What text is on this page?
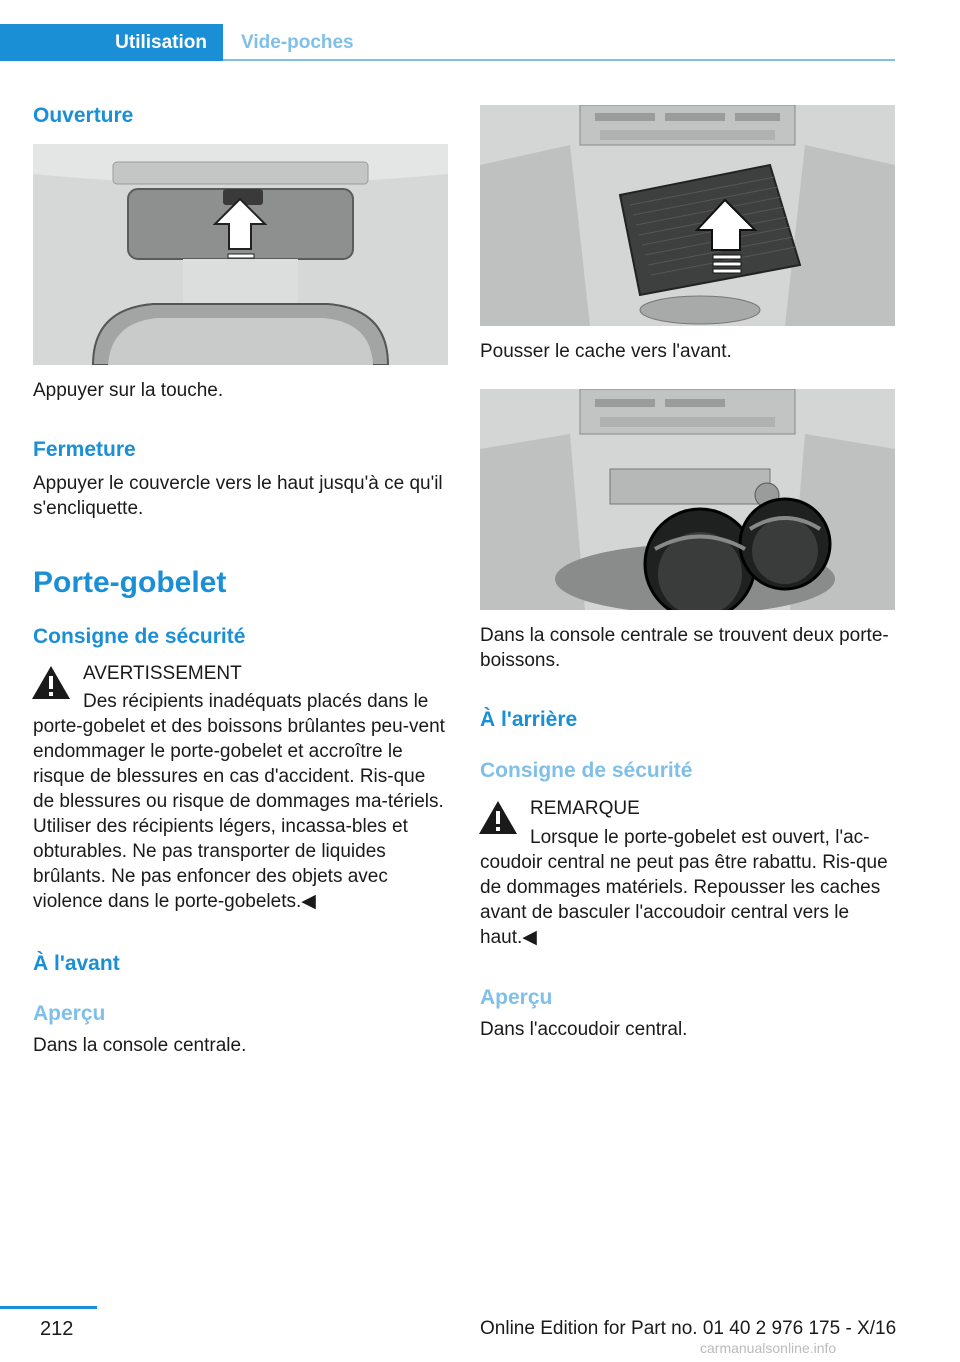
Utilisation	Vide-poches
Ouverture
Appuyer sur la touche.
Fermeture
Appuyer le couvercle vers le haut jusqu'à ce qu'il s'encliquette.
Porte-gobelet
Consigne de sécurité
AVERTISSEMENT
Des récipients inadéquats placés dans le
porte-gobelet et des boissons brûlantes peu-vent endommager le porte-gobelet et accroître le risque de blessures en cas d'accident. Ris-que de blessures ou risque de dommages ma-tériels. Utiliser des récipients légers, incassa-bles et obturables. Ne pas transporter de liquides brûlants. Ne pas enfoncer des objets avec violence dans le porte-gobelets.◀
À l'avant
Aperçu
Dans la console centrale.
Pousser le cache vers l'avant.
Dans la console centrale se trouvent deux porte-boissons.
À l'arrière
Consigne de sécurité
REMARQUE
Lorsque le porte-gobelet est ouvert, l'ac-
coudoir central ne peut pas être rabattu. Ris-que de dommages matériels. Repousser les caches avant de basculer l'accoudoir central vers le haut.◀
Aperçu
Dans l'accoudoir central.
212	Online Edition for Part no. 01 40 2 976 175 - X/16
carmanualsonline.info
